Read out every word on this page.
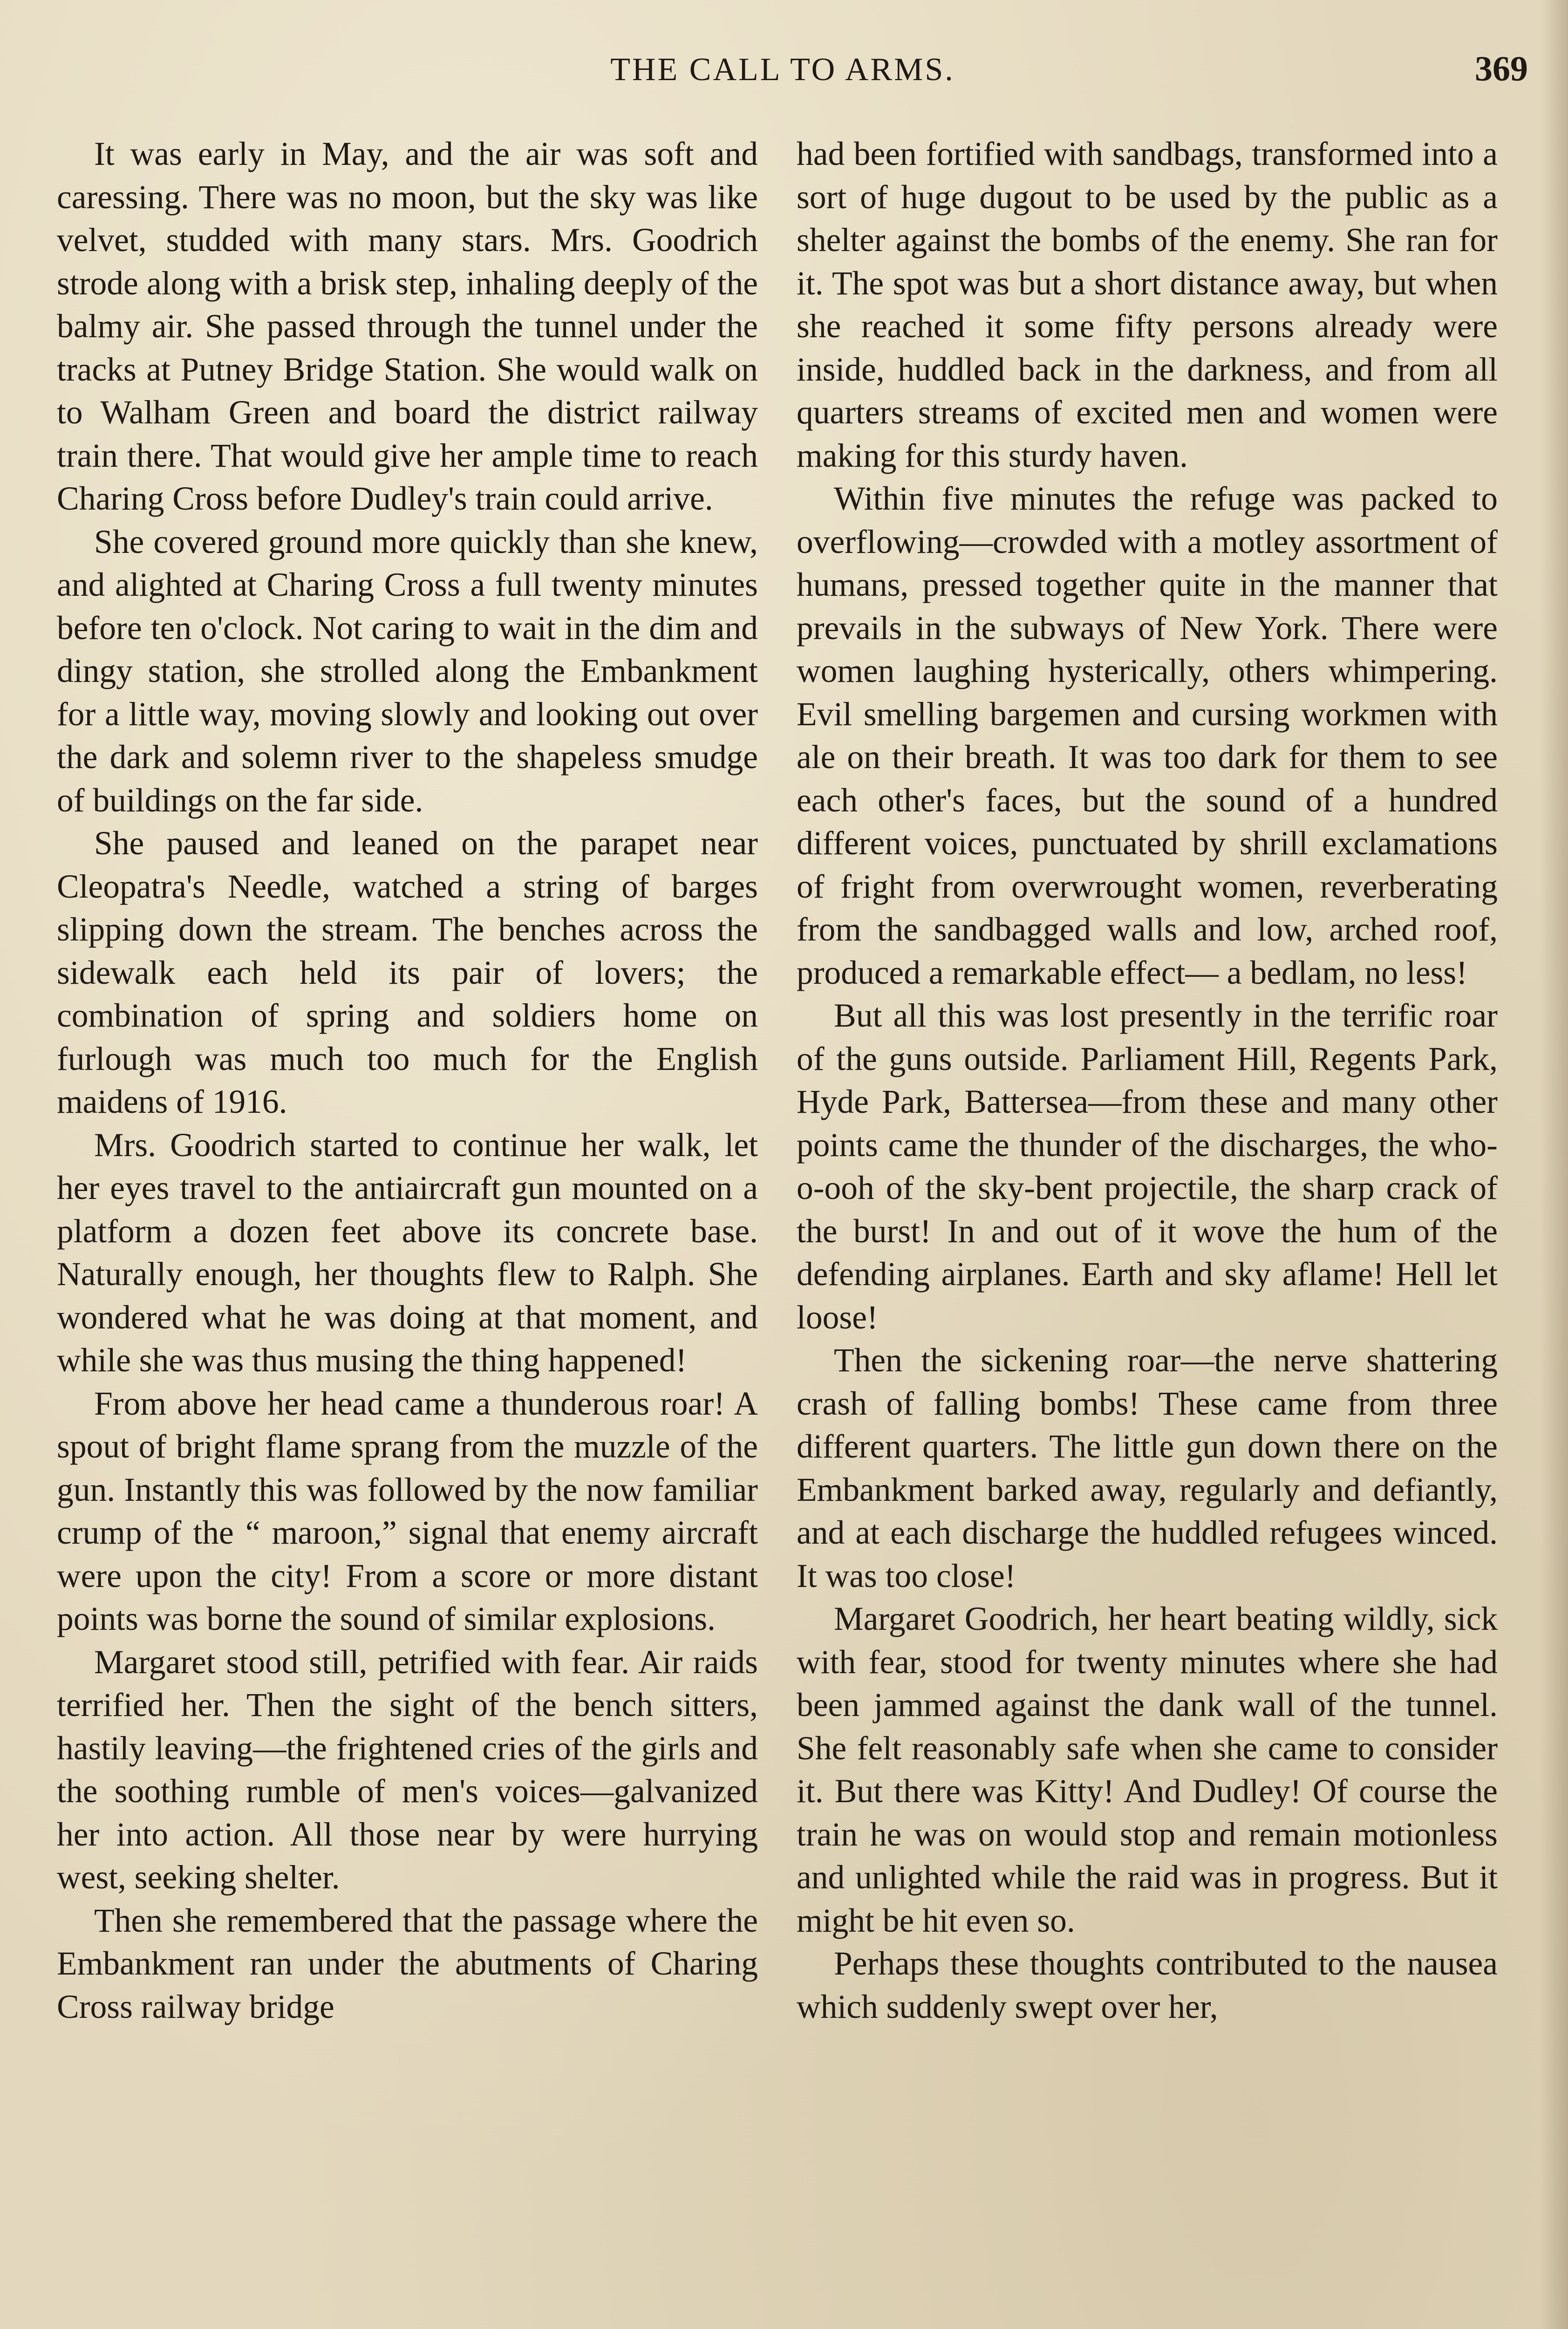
THE CALL TO ARMS.	369

It was early in May, and the air was soft and caressing. There was no moon, but the sky was like velvet, studded with many stars. Mrs. Goodrich strode along with a brisk step, inhaling deeply of the balmy air. She passed through the tunnel under the tracks at Putney Bridge Station. She would walk on to Walham Green and board the district railway train there. That would give her ample time to reach Charing Cross before Dudley's train could arrive.

She covered ground more quickly than she knew, and alighted at Charing Cross a full twenty minutes before ten o'clock. Not caring to wait in the dim and dingy station, she strolled along the Embankment for a little way, moving slowly and looking out over the dark and solemn river to the shapeless smudge of buildings on the far side.

She paused and leaned on the parapet near Cleopatra's Needle, watched a string of barges slipping down the stream. The benches across the sidewalk each held its pair of lovers; the combination of spring and soldiers home on furlough was much too much for the English maidens of 1916.

Mrs. Goodrich started to continue her walk, let her eyes travel to the antiaircraft gun mounted on a platform a dozen feet above its concrete base. Naturally enough, her thoughts flew to Ralph. She wondered what he was doing at that moment, and while she was thus musing the thing happened!

From above her head came a thunderous roar! A spout of bright flame sprang from the muzzle of the gun. Instantly this was followed by the now familiar crump of the “ maroon,” signal that enemy aircraft were upon the city! From a score or more distant points was borne the sound of similar explosions.

Margaret stood still, petrified with fear. Air raids terrified her. Then the sight of the bench sitters, hastily leaving—the frightened cries of the girls and the soothing rumble of men's voices—galvanized her into action. All those near by were hurrying west, seeking shelter.

Then she remembered that the passage where the Embankment ran under the abutments of Charing Cross railway bridge

had been fortified with sandbags, transformed into a sort of huge dugout to be used by the public as a shelter against the bombs of the enemy. She ran for it. The spot was but a short distance away, but when she reached it some fifty persons already were inside, huddled back in the darkness, and from all quarters streams of excited men and women were making for this sturdy haven.

Within five minutes the refuge was packed to overflowing—crowded with a motley assortment of humans, pressed together quite in the manner that prevails in the subways of New York. There were women laughing hysterically, others whimpering. Evil smelling bargemen and cursing workmen with ale on their breath. It was too dark for them to see each other's faces, but the sound of a hundred different voices, punctuated by shrill exclamations of fright from overwrought women, reverberating from the sandbagged walls and low, arched roof, produced a remarkable effect— a bedlam, no less!

But all this was lost presently in the terrific roar of the guns outside. Parliament Hill, Regents Park, Hyde Park, Battersea—from these and many other points came the thunder of the discharges, the who-o-ooh of the sky-bent projectile, the sharp crack of the burst! In and out of it wove the hum of the defending airplanes. Earth and sky aflame! Hell let loose!

Then the sickening roar—the nerve shattering crash of falling bombs! These came from three different quarters. The little gun down there on the Embankment barked away, regularly and defiantly, and at each discharge the huddled refugees winced. It was too close!

Margaret Goodrich, her heart beating wildly, sick with fear, stood for twenty minutes where she had been jammed against the dank wall of the tunnel. She felt reasonably safe when she came to consider it. But there was Kitty! And Dudley! Of course the train he was on would stop and remain motionless and unlighted while the raid was in progress. But it might be hit even so.

Perhaps these thoughts contributed to the nausea which suddenly swept over her,
